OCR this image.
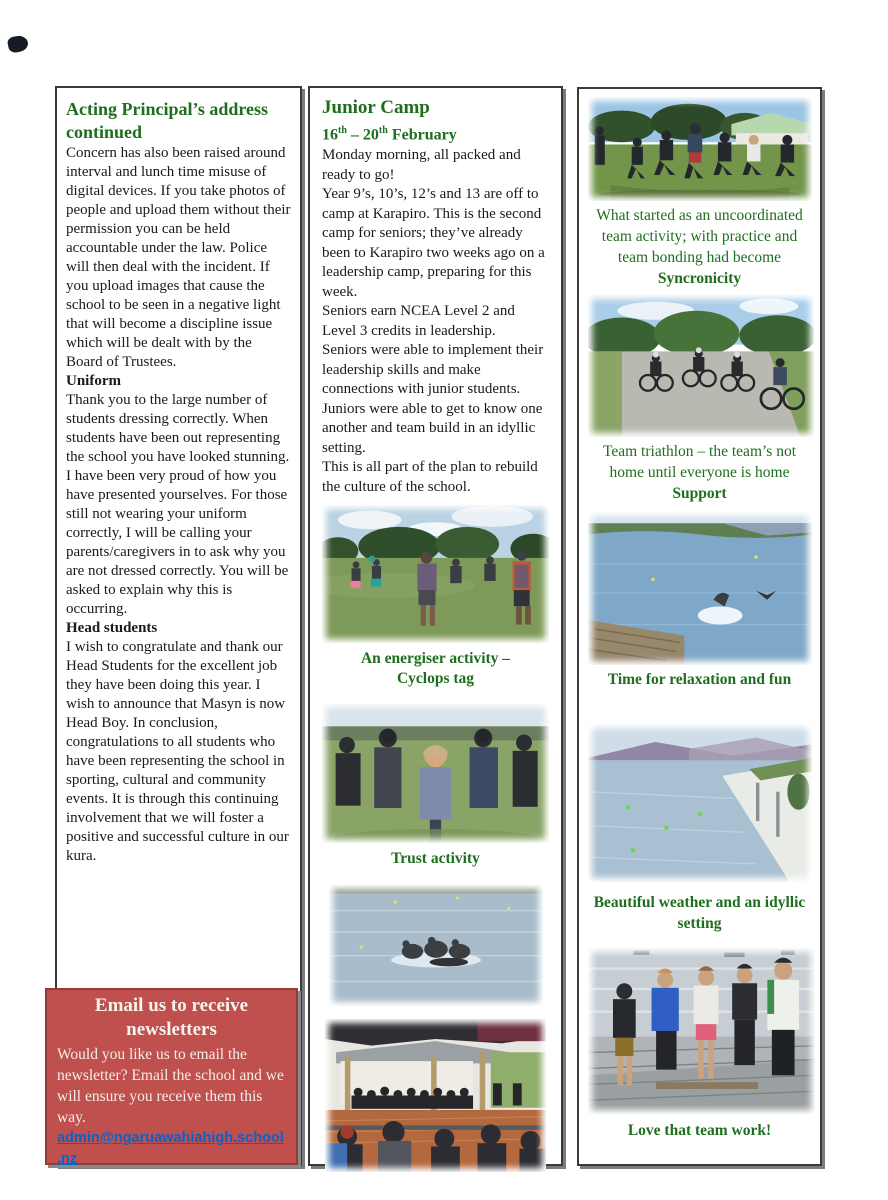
Acting Principal’s address continued

Concern has also been raised around interval and lunch time misuse of digital devices. If you take photos of people and upload them without their permission you can be held accountable under the law. Police will then deal with the incident. If you upload images that cause the school to be seen in a negative light that will become a discipline issue which will be dealt with by the Board of Trustees.

Uniform

Thank you to the large number of students dressing correctly. When students have been out representing the school you have looked stunning. I have been very proud of how you have presented yourselves. For those still not wearing your uniform correctly, I will be calling your parents/caregivers in to ask why you are not dressed correctly. You will be asked to explain why this is occurring.

Head students

I wish to congratulate and thank our Head Students for the excellent job they have been doing this year. I wish to announce that Masyn is now Head Boy. In conclusion, congratulations to all students who have been representing the school in sporting, cultural and community events. It is through this continuing involvement that we will foster a positive and successful culture in our kura.

Email us to receive newsletters
Would you like us to email the newsletter? Email the school and we will ensure you receive them this way.
admin@ngaruawahiahigh.school.nz
Junior Camp

16th – 20th February

Monday morning, all packed and ready to go!

Year 9’s, 10’s, 12’s and 13 are off to camp at Karapiro. This is the second camp for seniors; they’ve already been to Karapiro two weeks ago on a leadership camp, preparing for this week.

Seniors earn NCEA Level 2 and Level 3 credits in leadership.

Seniors were able to implement their leadership skills and make connections with junior students.

Juniors were able to get to know one another and team build in an idyllic setting.

This is all part of the plan to rebuild the culture of the school.

An energiser activity – Cyclops tag

Trust activity

What started as an uncoordinated team activity; with practice and team bonding had become
Syncronicity
Team triathlon – the team’s not home until everyone is home
Support
Time for relaxation and fun
Beautiful weather and an idyllic setting
Love that team work!
